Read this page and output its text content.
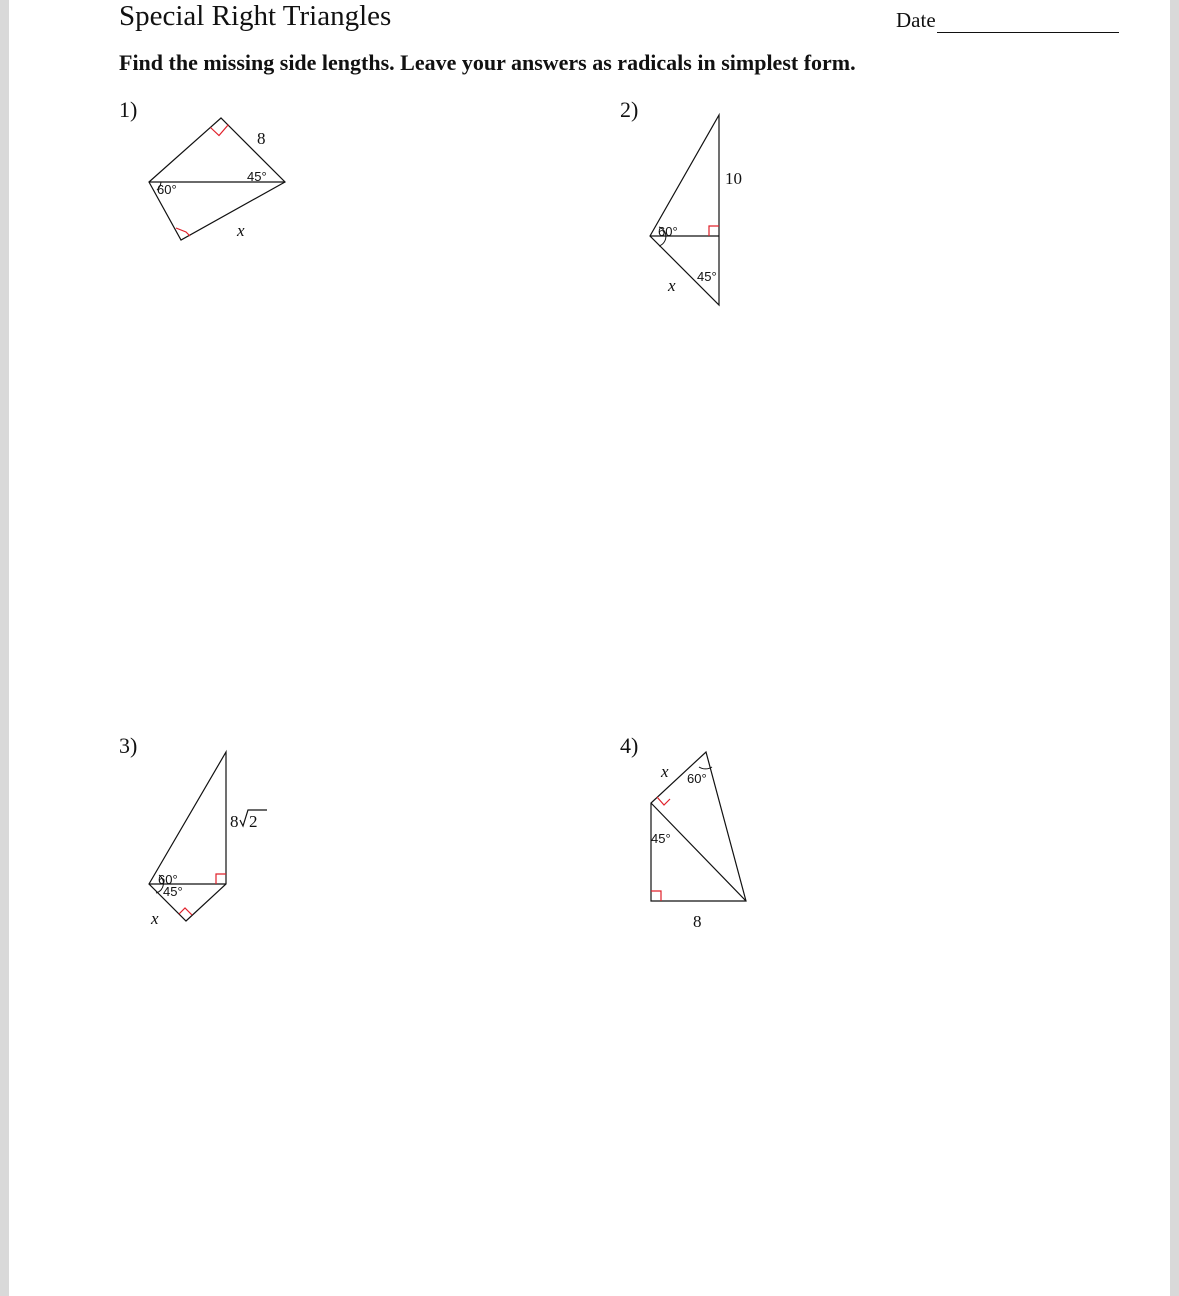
Special Right Triangles	Date
Find the missing side lengths. Leave your answers as radicals in simplest form.
1)
60°
45°
8
x
2)
60°
45°
10
x
3)
60°
45°
8 2
x
4)
60°
45°
8
x
